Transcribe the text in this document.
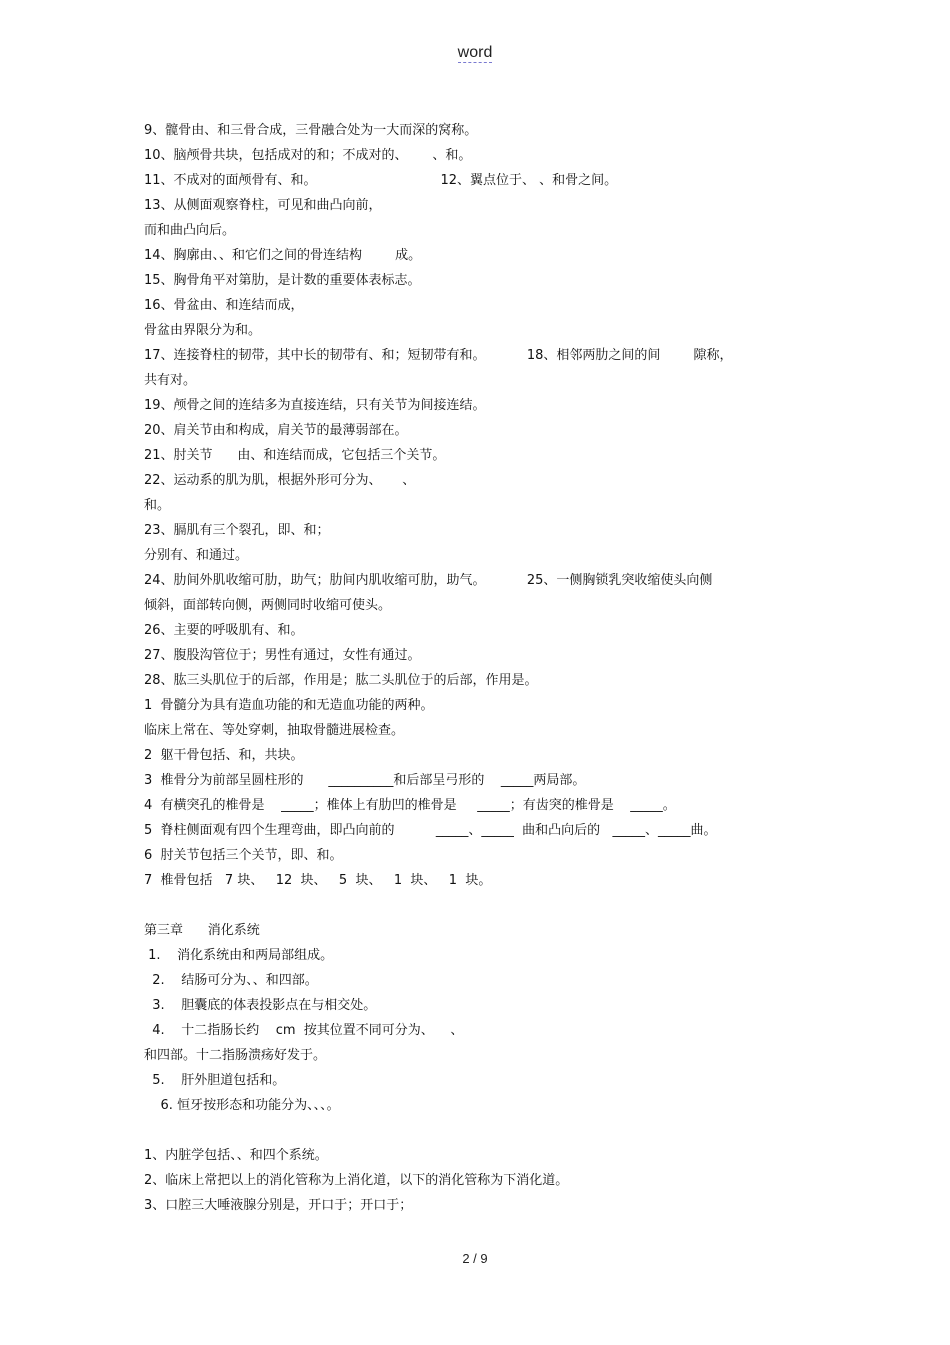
word
9、髋骨由、和三骨合成，三骨融合处为一大而深的窝称。
10、脑颅骨共块，包括成对的和；不成对的、      、和。
11、不成对的面颅骨有、和。                              12、翼点位于、 、和骨之间。
13、从侧面观察脊柱，可见和曲凸向前，
而和曲凸向后。
14、胸廓由、、和它们之间的骨连结构        成。
15、胸骨角平对第肋，是计数的重要体表标志。
16、骨盆由、和连结而成，
骨盆由界限分为和。
17、连接脊柱的韧带，其中长的韧带有、和；短韧带有和。          18、相邻两肋之间的间        隙称，
共有对。
19、颅骨之间的连结多为直接连结，只有关节为间接连结。
20、肩关节由和构成，肩关节的最薄弱部在。
21、肘关节      由、和连结而成，它包括三个关节。
22、运动系的肌为肌，根据外形可分为、     、
和。
23、膈肌有三个裂孔，即、和；
分别有、和通过。
24、肋间外肌收缩可肋，助气；肋间内肌收缩可肋，助气。          25、一侧胸锁乳突收缩使头向侧
倾斜，面部转向侧，两侧同时收缩可使头。
26、主要的呼吸肌有、和。
27、腹股沟管位于；男性有通过，女性有通过。
28、肱三头肌位于的后部，作用是；肱二头肌位于的后部，作用是。
1  骨髓分为具有造血功能的和无造血功能的两种。
临床上常在、等处穿刺，抽取骨髓进展检查。
2  躯干骨包括、和，共块。
3  椎骨分为前部呈圆柱形的      __________和后部呈弓形的    _____两局部。
4  有横突孔的椎骨是    _____；椎体上有肋凹的椎骨是     _____；有齿突的椎骨是    _____。
5  脊柱侧面观有四个生理弯曲，即凸向前的          _____、_____  曲和凸向后的   _____、_____曲。
6  肘关节包括三个关节，即、和。
7  椎骨包括   7 块、   12  块、   5  块、   1  块、   1  块。
第三章      消化系统
1.    消化系统由和两局部组成。
2.    结肠可分为、、和四部。
3.    胆囊底的体表投影点在与相交处。
4.    十二指肠长约    cm  按其位置不同可分为、    、
和四部。十二指肠溃疡好发于。
5.    肝外胆道包括和。
6. 恒牙按形态和功能分为、、、。
1、内脏学包括、、和四个系统。
2、临床上常把以上的消化管称为上消化道，以下的消化管称为下消化道。
3、口腔三大唾液腺分别是，开口于；开口于；
2 / 9
